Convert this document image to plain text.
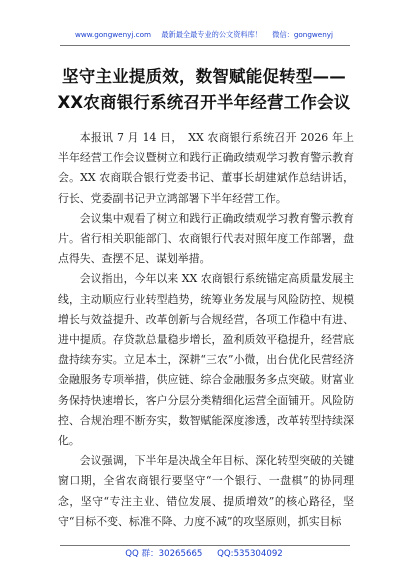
www.gongwenyj.com 最新最全最专业的公文资料库！ 微信：gongwenyj
坚守主业提质效，数智赋能促转型——
XX农商银行系统召开半年经营工作会议

本报讯 7 月 14 日，　XX 农商银行系统召开 2026 年上半年经营工作会议暨树立和践行正确政绩观学习教育警示教育会。XX 农商联合银行党委书记、董事长胡建斌作总结讲话，行长、党委副书记尹立鸿部署下半年经营工作。

会议集中观看了树立和践行正确政绩观学习教育警示教育片。省行相关职能部门、农商银行代表对照年度工作部署，盘点得失、查摆不足、谋划举措。

会议指出，今年以来 XX 农商银行系统锚定高质量发展主线，主动顺应行业转型趋势，统筹业务发展与风险防控、规模增长与效益提升、改革创新与合规经营，各项工作稳中有进、进中提质。存贷款总量稳步增长，盈利质效平稳提升，经营底盘持续夯实。立足本土，深耕“三农”小微，出台优化民营经济金融服务专项举措，供应链、综合金融服务多点突破。财富业务保持快速增长，客户分层分类精细化运营全面铺开。风险防控、合规治理不断夯实，数智赋能深度渗透，改革转型持续深化。

会议强调，下半年是决战全年目标、深化转型突破的关键窗口期，全省农商银行要坚守“一个银行、一盘棋”的协同理念，坚守“专注主业、错位发展、提质增效”的核心路径，坚守“目标不变、标准不降、力度不减”的攻坚原则，抓实目标

QQ 群：30265665 QQ:535304092
